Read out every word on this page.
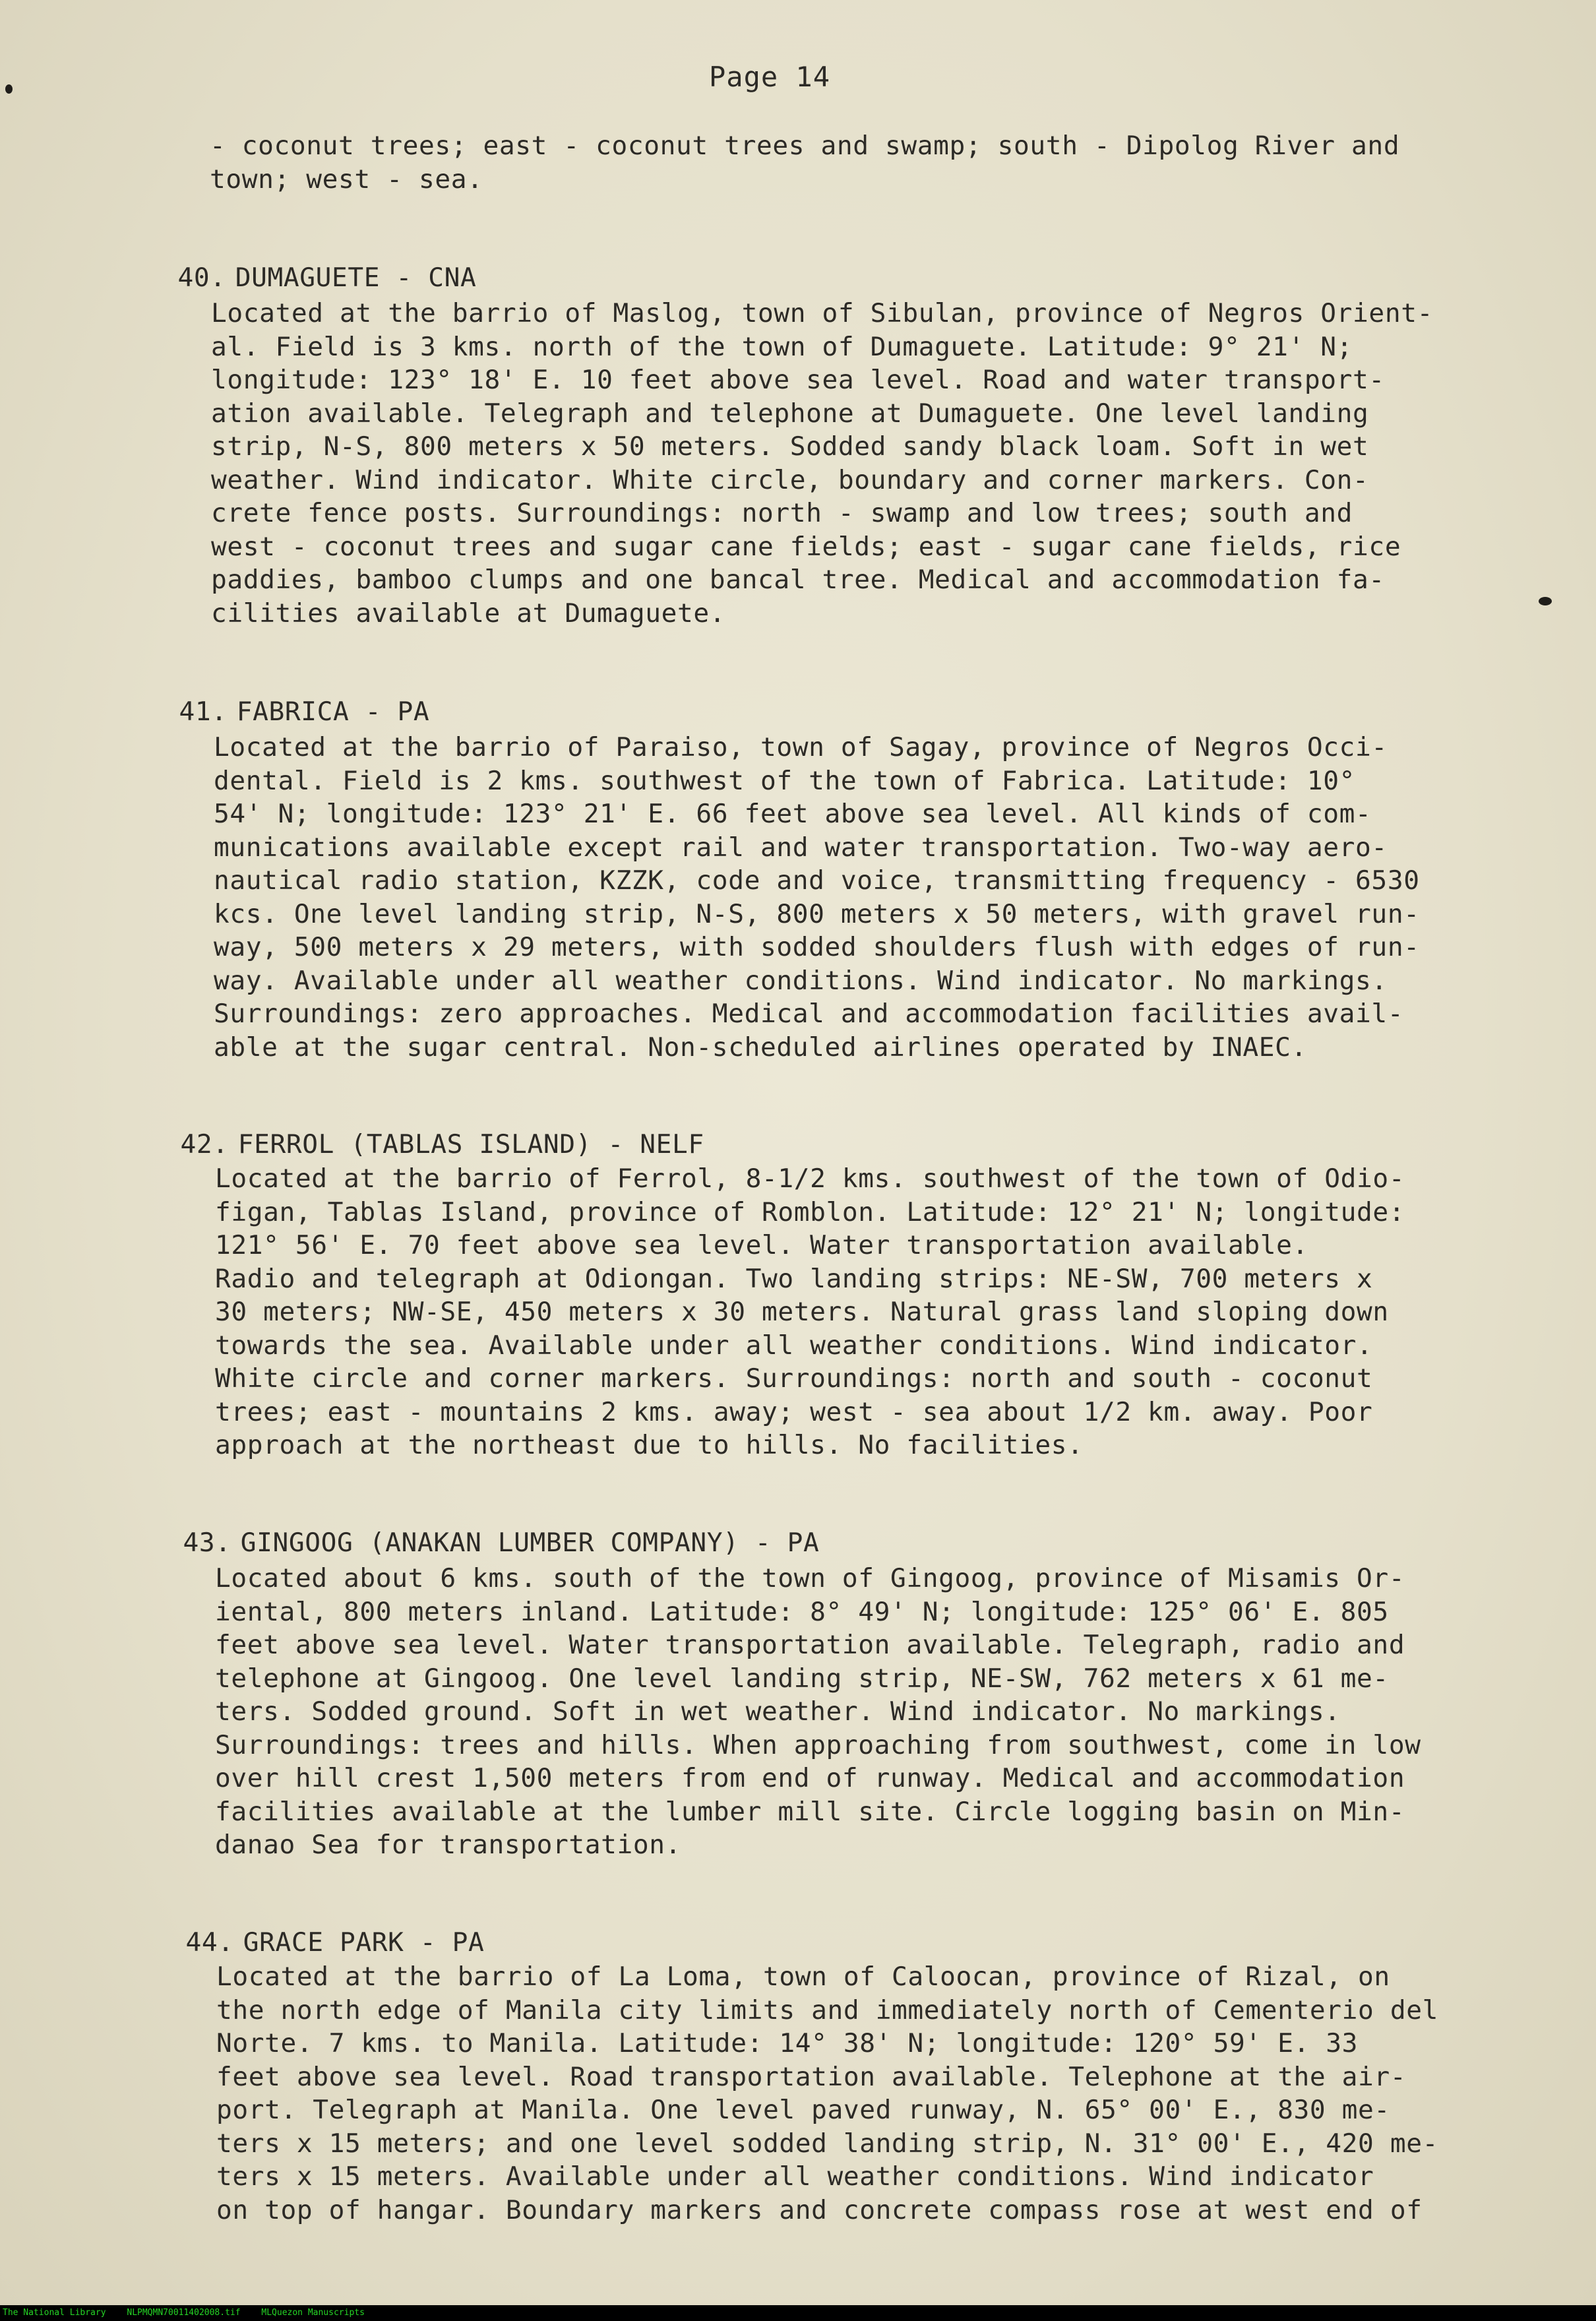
Page 14
- coconut trees; east - coconut trees and swamp; south - Dipolog River and
town; west - sea.

40. DUMAGUETE - CNA

Located at the barrio of Maslog, town of Sibulan, province of Negros Orient-
al. Field is 3 kms. north of the town of Dumaguete. Latitude: 9° 21' N;
longitude: 123° 18' E. 10 feet above sea level. Road and water transport-
ation available. Telegraph and telephone at Dumaguete. One level landing
strip, N-S, 800 meters x 50 meters. Sodded sandy black loam. Soft in wet
weather. Wind indicator. White circle, boundary and corner markers. Con-
crete fence posts. Surroundings: north - swamp and low trees; south and
west - coconut trees and sugar cane fields; east - sugar cane fields, rice
paddies, bamboo clumps and one bancal tree. Medical and accommodation fa-
cilities available at Dumaguete.

41. FABRICA - PA

Located at the barrio of Paraiso, town of Sagay, province of Negros Occi-
dental. Field is 2 kms. southwest of the town of Fabrica. Latitude: 10°
54' N; longitude: 123° 21' E. 66 feet above sea level. All kinds of com-
munications available except rail and water transportation. Two-way aero-
nautical radio station, KZZK, code and voice, transmitting frequency - 6530
kcs. One level landing strip, N-S, 800 meters x 50 meters, with gravel run-
way, 500 meters x 29 meters, with sodded shoulders flush with edges of run-
way. Available under all weather conditions. Wind indicator. No markings.
Surroundings: zero approaches. Medical and accommodation facilities avail-
able at the sugar central. Non-scheduled airlines operated by INAEC.

42. FERROL (TABLAS ISLAND) - NELF

Located at the barrio of Ferrol, 8-1/2 kms. southwest of the town of Odio-
figan, Tablas Island, province of Romblon. Latitude: 12° 21' N; longitude:
121° 56' E. 70 feet above sea level. Water transportation available.
Radio and telegraph at Odiongan. Two landing strips: NE-SW, 700 meters x
30 meters; NW-SE, 450 meters x 30 meters. Natural grass land sloping down
towards the sea. Available under all weather conditions. Wind indicator.
White circle and corner markers. Surroundings: north and south - coconut
trees; east - mountains 2 kms. away; west - sea about 1/2 km. away. Poor
approach at the northeast due to hills. No facilities.

43. GINGOOG (ANAKAN LUMBER COMPANY) - PA

Located about 6 kms. south of the town of Gingoog, province of Misamis Or-
iental, 800 meters inland. Latitude: 8° 49' N; longitude: 125° 06' E. 805
feet above sea level. Water transportation available. Telegraph, radio and
telephone at Gingoog. One level landing strip, NE-SW, 762 meters x 61 me-
ters. Sodded ground. Soft in wet weather. Wind indicator. No markings.
Surroundings: trees and hills. When approaching from southwest, come in low
over hill crest 1,500 meters from end of runway. Medical and accommodation
facilities available at the lumber mill site. Circle logging basin on Min-
danao Sea for transportation.

44. GRACE PARK - PA

Located at the barrio of La Loma, town of Caloocan, province of Rizal, on
the north edge of Manila city limits and immediately north of Cementerio del
Norte. 7 kms. to Manila. Latitude: 14° 38' N; longitude: 120° 59' E. 33
feet above sea level. Road transportation available. Telephone at the air-
port. Telegraph at Manila. One level paved runway, N. 65° 00' E., 830 me-
ters x 15 meters; and one level sodded landing strip, N. 31° 00' E., 420 me-
ters x 15 meters. Available under all weather conditions. Wind indicator
on top of hangar. Boundary markers and concrete compass rose at west end of
The National Library NLPMQMN70011402008.tif MLQuezon Manuscripts
